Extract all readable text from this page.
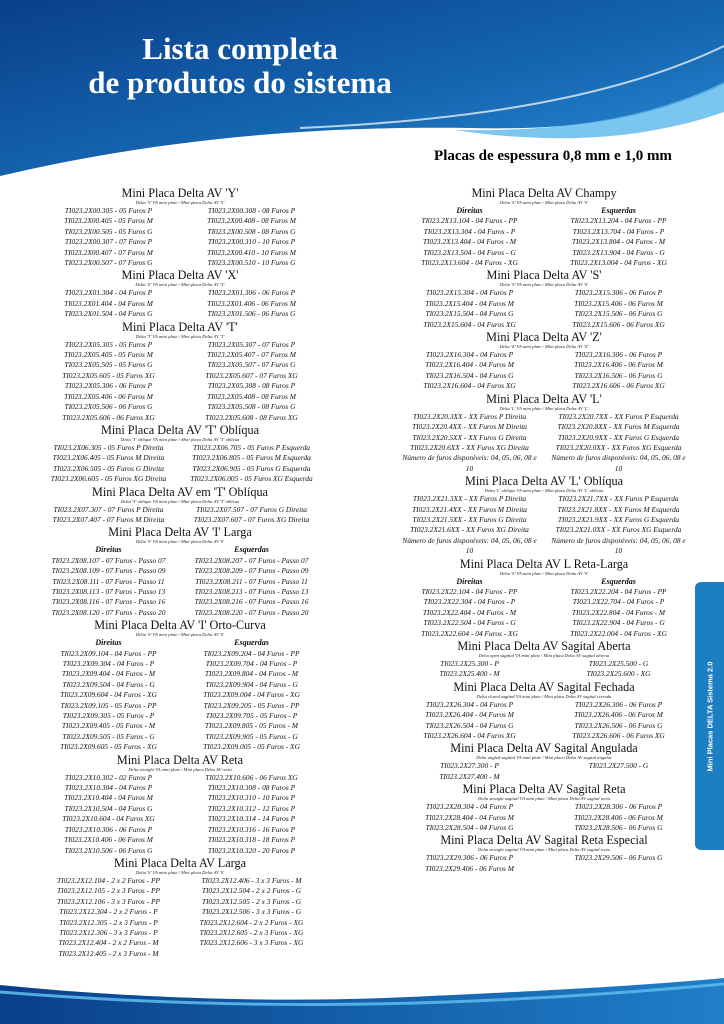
Lista completa
de produtos do sistema
Placas de espessura 0,8 mm e 1,0 mm
Mini Placa Delta AV 'Y'
Delta 'Y' VA mini plate / Mini placa Delta AV 'Y'
TI023.2X00.305 - 05 Furos P	TI023.2X00.308 - 08 Furos P
TI023.2X00.405 - 05 Furos M	TI023.2X00.408 - 08 Furos M
TI023.2X00.505 - 05 Furos G	TI023.2X00.508 - 08 Furos G
TI023.2X00.307 - 07 Furos P	TI023.2X00.310 - 10 Furos P
TI023.2X00.407 - 07 Furos M	TI023.2X00.410 - 10 Furos M
TI023.2X00.507 - 07 Furos G	TI023.2X00.510 - 10 Furos G
Mini Placa Delta AV 'X'
Delta 'X' VA mini plate / Mini placa Delta AV 'X'
TI023.2X01.304 - 04 Furos P	TI023.2X01.306 - 06 Furos P
TI023.2X01.404 - 04 Furos M	TI023.2X01.406 - 06 Furos M
TI023.2X01.504 - 04 Furos G	TI023.2X01.506 - 06 Furos G
Mini Placa Delta AV 'T'
Delta 'T' VA mini plate / Mini placa Delta AV 'T'
TI023.2X05.305 - 05 Furos P	TI023.2X05.307 - 07 Furos P
TI023.2X05.405 - 05 Furos M	TI023.2X05.407 - 07 Furos M
TI023.2X05.505 - 05 Furos G	TI023.2X05.507 - 07 Furos G
TI023.2X05.605 - 05 Furos XG	TI023.2X05.607 - 07 Furos XG
TI023.2X05.306 - 06 Furos P	TI023.2X05.308 - 08 Furos P
TI023.2X05.406 - 06 Furos M	TI023.2X05.408 - 08 Furos M
TI023.2X05.506 - 06 Furos G	TI023.2X05.508 - 08 Furos G
TI023.2X05.606 - 06 Furos XG	TI023.2X05.608 - 08 Furos XG
Mini Placa Delta AV 'T' Oblíqua
Delta 'T' oblique VA mini plate / Mini placa Delta AV 'T' oblícua
TI023.2X06.305 - 05 Furos P Direita	TI023.2X06.705 - 05 Furos P Esquerda
TI023.2X06.405 - 05 Furos M Direita	TI023.2X06.805 - 05 Furos M Esquerda
TI023.2X06.505 - 05 Furos G Direita	TI023.2X06.905 - 05 Furos G Esquerda
TI023.2X06.605 - 05 Furos XG Direita	TI023.2X06.005 - 05 Furos XG Esquerda
Mini Placa Delta AV em 'T' Oblíqua
Delta 'T' oblique VA mini plate / Mini placa Delta AV 'T' oblícua
TI023.2X07.307 - 07 Furos P Direita	TI023.2X07.507 - 07 Furos G Direita
TI023.2X07.407 - 07 Furos M Direita	TI023.2X07.607 - 07 Furos XG Direita
Mini Placa Delta AV 'I' Larga
Delta 'S' VA mini plate / Mini placa Delta AV 'S'
Direitas	Esquerdas
TI023.2X08.107 - 07 Furos - Passo 07	TI023.2X08.207 - 07 Furos - Passo 07
TI023.2X08.109 - 07 Furos - Passo 09	TI023.2X08.209 - 07 Furos - Passo 09
TI023.2X08.111 - 07 Furos - Passo 11	TI023.2X08.211 - 07 Furos - Passo 11
TI023.2X08.113 - 07 Furos - Passo 13	TI023.2X08.213 - 07 Furos - Passo 13
TI023.2X08.116 - 07 Furos - Passo 16	TI023.2X08.216 - 07 Furos - Passo 16
TI023.2X08.120 - 07 Furos - Passo 20	TI023.2X08.220 - 07 Furos - Passo 20
Mini Placa Delta AV 'I' Orto-Curva
Delta 'S' VA mini plate / Mini placa Delta AV 'S'
Direitas	Esquerdas
TI023.2X09.104 - 04 Furos - PP	TI023.2X09.204 - 04 Furos - PP
TI023.2X09.304 - 04 Furos - P	TI023.2X09.704 - 04 Furos - P
TI023.2X09.404 - 04 Furos - M	TI023.2X09.804 - 04 Furos - M
TI023.2X09.504 - 04 Furos - G	TI023.2X09.904 - 04 Furos - G
TI023.2X09.604 - 04 Furos - XG	TI023.2X09.004 - 04 Furos - XG
TI023.2X09.105 - 05 Furos - PP	TI023.2X09.205 - 05 Furos - PP
TI023.2X09.305 - 05 Furos - P	TI023.2X09.705 - 05 Furos - P
TI023.2X09.405 - 05 Furos - M	TI023.2X09.805 - 05 Furos - M
TI023.2X09.505 - 05 Furos - G	TI023.2X09.905 - 05 Furos - G
TI023.2X09.605 - 05 Furos - XG	TI023.2X09.005 - 05 Furos - XG
Mini Placa Delta AV Reta
Delta straight VA mini plate / Mini placa Delta AV recta
TI023.2X10.302 - 02 Furos P	TI023.2X10.606 - 06 Furos XG
TI023.2X10.304 - 04 Furos P	TI023.2X10.308 - 08 Furos P
TI023.2X10.404 - 04 Furos M	TI023.2X10.310 - 10 Furos P
TI023.2X10.504 - 04 Furos G	TI023.2X10.312 - 12 Furos P
TI023.2X10.604 - 04 Furos XG	TI023.2X10.314 - 14 Furos P
TI023.2X10.306 - 06 Furos P	TI023.2X10.316 - 16 Furos P
TI023.2X10.406 - 06 Furos M	TI023.2X10.318 - 18 Furos P
TI023.2X10.506 - 06 Furos G	TI023.2X10.320 - 20 Furos P
Mini Placa Delta AV Larga
Delta 'S' VA mini plate / Mini placa Delta AV 'S'
TI023.2X12.104 - 2 x 2 Furos - PP	TI023.2X12.406 - 3 x 3 Furos - M
TI023.2X12.105 - 2 x 3 Furos - PP	TI023.2X12.504 - 2 x 2 Furos - G
TI023.2X12.106 - 3 x 3 Furos - PP	TI023.2X12.505 - 2 x 3 Furos - G
TI023.2X12.304 - 2 x 2 Furos - P	TI023.2X12.506 - 3 x 3 Furos - G
TI023.2X12.305 - 2 x 3 Furos - P	TI023.2X12.604 - 2 x 2 Furos - XG
TI023.2X12.306 - 3 x 3 Furos - P	TI023.2X12.605 - 2 x 3 Furos - XG
TI023.2X12.404 - 2 x 2 Furos - M	TI023.2X12.606 - 3 x 3 Furos - XG
TI023.2X12.405 - 2 x 3 Furos - M
Mini Placa Delta AV Champy
Delta 'S' VA mini plate / Mini placa Delta AV 'S'
Direitas	Esquerdas
TI023.2X13.104 - 04 Furos - PP	TI023.2X13.204 - 04 Furos - PP
TI023.2X13.304 - 04 Furos - P	TI023.2X13.704 - 04 Furos - P
TI023.2X13.404 - 04 Furos - M	TI023.2X13.804 - 04 Furos - M
TI023.2X13.504 - 04 Furos - G	TI023.2X13.904 - 04 Furos - G
TI023.2X13.604 - 04 Furos - XG	TI023.2X13.004 - 04 Furos - XG
Mini Placa Delta AV 'S'
Delta 'S' VA mini plate / Mini placa Delta AV 'S'
TI023.2X15.304 - 04 Furos P	TI023.2X15.306 - 06 Furos P
TI023.2X15.404 - 04 Furos M	TI023.2X15.406 - 06 Furos M
TI023.2X15.504 - 04 Furos G	TI023.2X15.506 - 06 Furos G
TI023.2X15.604 - 04 Furos XG	TI023.2X15.606 - 06 Furos XG
Mini Placa Delta AV 'Z'
Delta 'Z' VA mini plate / Mini placa Delta AV 'Z'
TI023.2X16.304 - 04 Furos P	TI023.2X16.306 - 06 Furos P
TI023.2X16.404 - 04 Furos M	TI023.2X16.406 - 06 Furos M
TI023.2X16.504 - 04 Furos G	TI023.2X16.506 - 06 Furos G
TI023.2X16.604 - 04 Furos XG	TI023.2X16.606 - 06 Furos XG
Mini Placa Delta AV 'L'
Delta 'L' VA mini plate / Mini placa Delta AV 'L'
TI023.2X20.3XX - XX Furos P Direita	TI023.2X20.7XX - XX Furos P Esquerda
TI023.2X20.4XX - XX Furos M Direita	TI023.2X20.8XX - XX Furos M Esquerda
TI023.2X20.5XX - XX Furos G Direita	TI023.2X20.9XX - XX Furos G Esquerda
TI023.2X20.6XX - XX Furos XG Direita	TI023.2X20.0XX - XX Furos XG Esquerda
Número de furos disponíveis: 04, 05, 06, 08 e 10
Número de furos disponíveis: 04, 05, 06, 08 e 10
Mini Placa Delta AV 'L' Oblíqua
Delta 'L' oblique VA mini plate / Mini placa Delta AV 'L' oblícua
TI023.2X21.3XX - XX Furos P Direita	TI023.2X21.7XX - XX Furos P Esquerda
TI023.2X21.4XX - XX Furos M Direita	TI023.2X21.8XX - XX Furos M Esquerda
TI023.2X21.5XX - XX Furos G Direita	TI023.2X21.9XX - XX Furos G Esquerda
TI023.2X21.6XX - XX Furos XG Direita	TI023.2X21.0XX - XX Furos XG Esquerda
Número de furos disponíveis: 04, 05, 06, 08 e 10
Número de furos disponíveis: 04, 05, 06, 08 e 10
Mini Placa Delta AV L Reta-Larga
Delta 'S' VA mini plate / Mini placa Delta AV 'S'
Direitas	Esquerdas
TI023.2X22.104 - 04 Furos - PP	TI023.2X22.204 - 04 Furos - PP
TI023.2X22.304 - 04 Furos - P	TI023.2X22.704 - 04 Furos - P
TI023.2X22.404 - 04 Furos - M	TI023.2X22.804 - 04 Furos - M
TI023.2X22.504 - 04 Furos - G	TI023.2X22.904 - 04 Furos - G
TI023.2X22.604 - 04 Furos - XG	TI023.2X22.004 - 04 Furos - XG
Mini Placa Delta AV Sagital Aberta
Delta open sagittal VA mini plate / Mini placa Delta AV sagital abierta
TI023.2X25.300 - P	TI023.2X25.500 - G
TI023.2X25.400 - M	TI023.2X25.600 - XG
Mini Placa Delta AV Sagital Fechada
Delta closed sagittal VA mini plate / Mini placa Delta AV sagital cerrada
TI023.2X26.304 - 04 Furos P	TI023.2X26.306 - 06 Furos P
TI023.2X26.404 - 04 Furos M	TI023.2X26.406 - 06 Furos M
TI023.2X26.504 - 04 Furos G	TI023.2X26.506 - 06 Furos G
TI023.2X26.604 - 04 Furos XG	TI023.2X26.606 - 06 Furos XG
Mini Placa Delta AV Sagital Angulada
Delta angled sagittal VA mini plate / Mini placa Delta AV sagital angular
TI023.2X27.300 - P	TI023.2X27.500 - G
TI023.2X27.400 - M
Mini Placa Delta AV Sagital Reta
Delta straight sagittal VA mini plate / Mini placa Delta AV sagital recta
TI023.2X28.304 - 04 Furos P	TI023.2X28.306 - 06 Furos P
TI023.2X28.404 - 04 Furos M	TI023.2X28.406 - 06 Furos M
TI023.2X28.504 - 04 Furos G	TI023.2X28.506 - 06 Furos G
Mini Placa Delta AV Sagital Reta Especial
Delta straight sagittal VA mini plate / Mini placa Delta AV sagital recta
TI023.2X29.306 - 06 Furos P	TI023.2X29.506 - 06 Furos G
TI023.2X29.406 - 06 Furos M
Mini Placas DELTA Sistema 2.0
